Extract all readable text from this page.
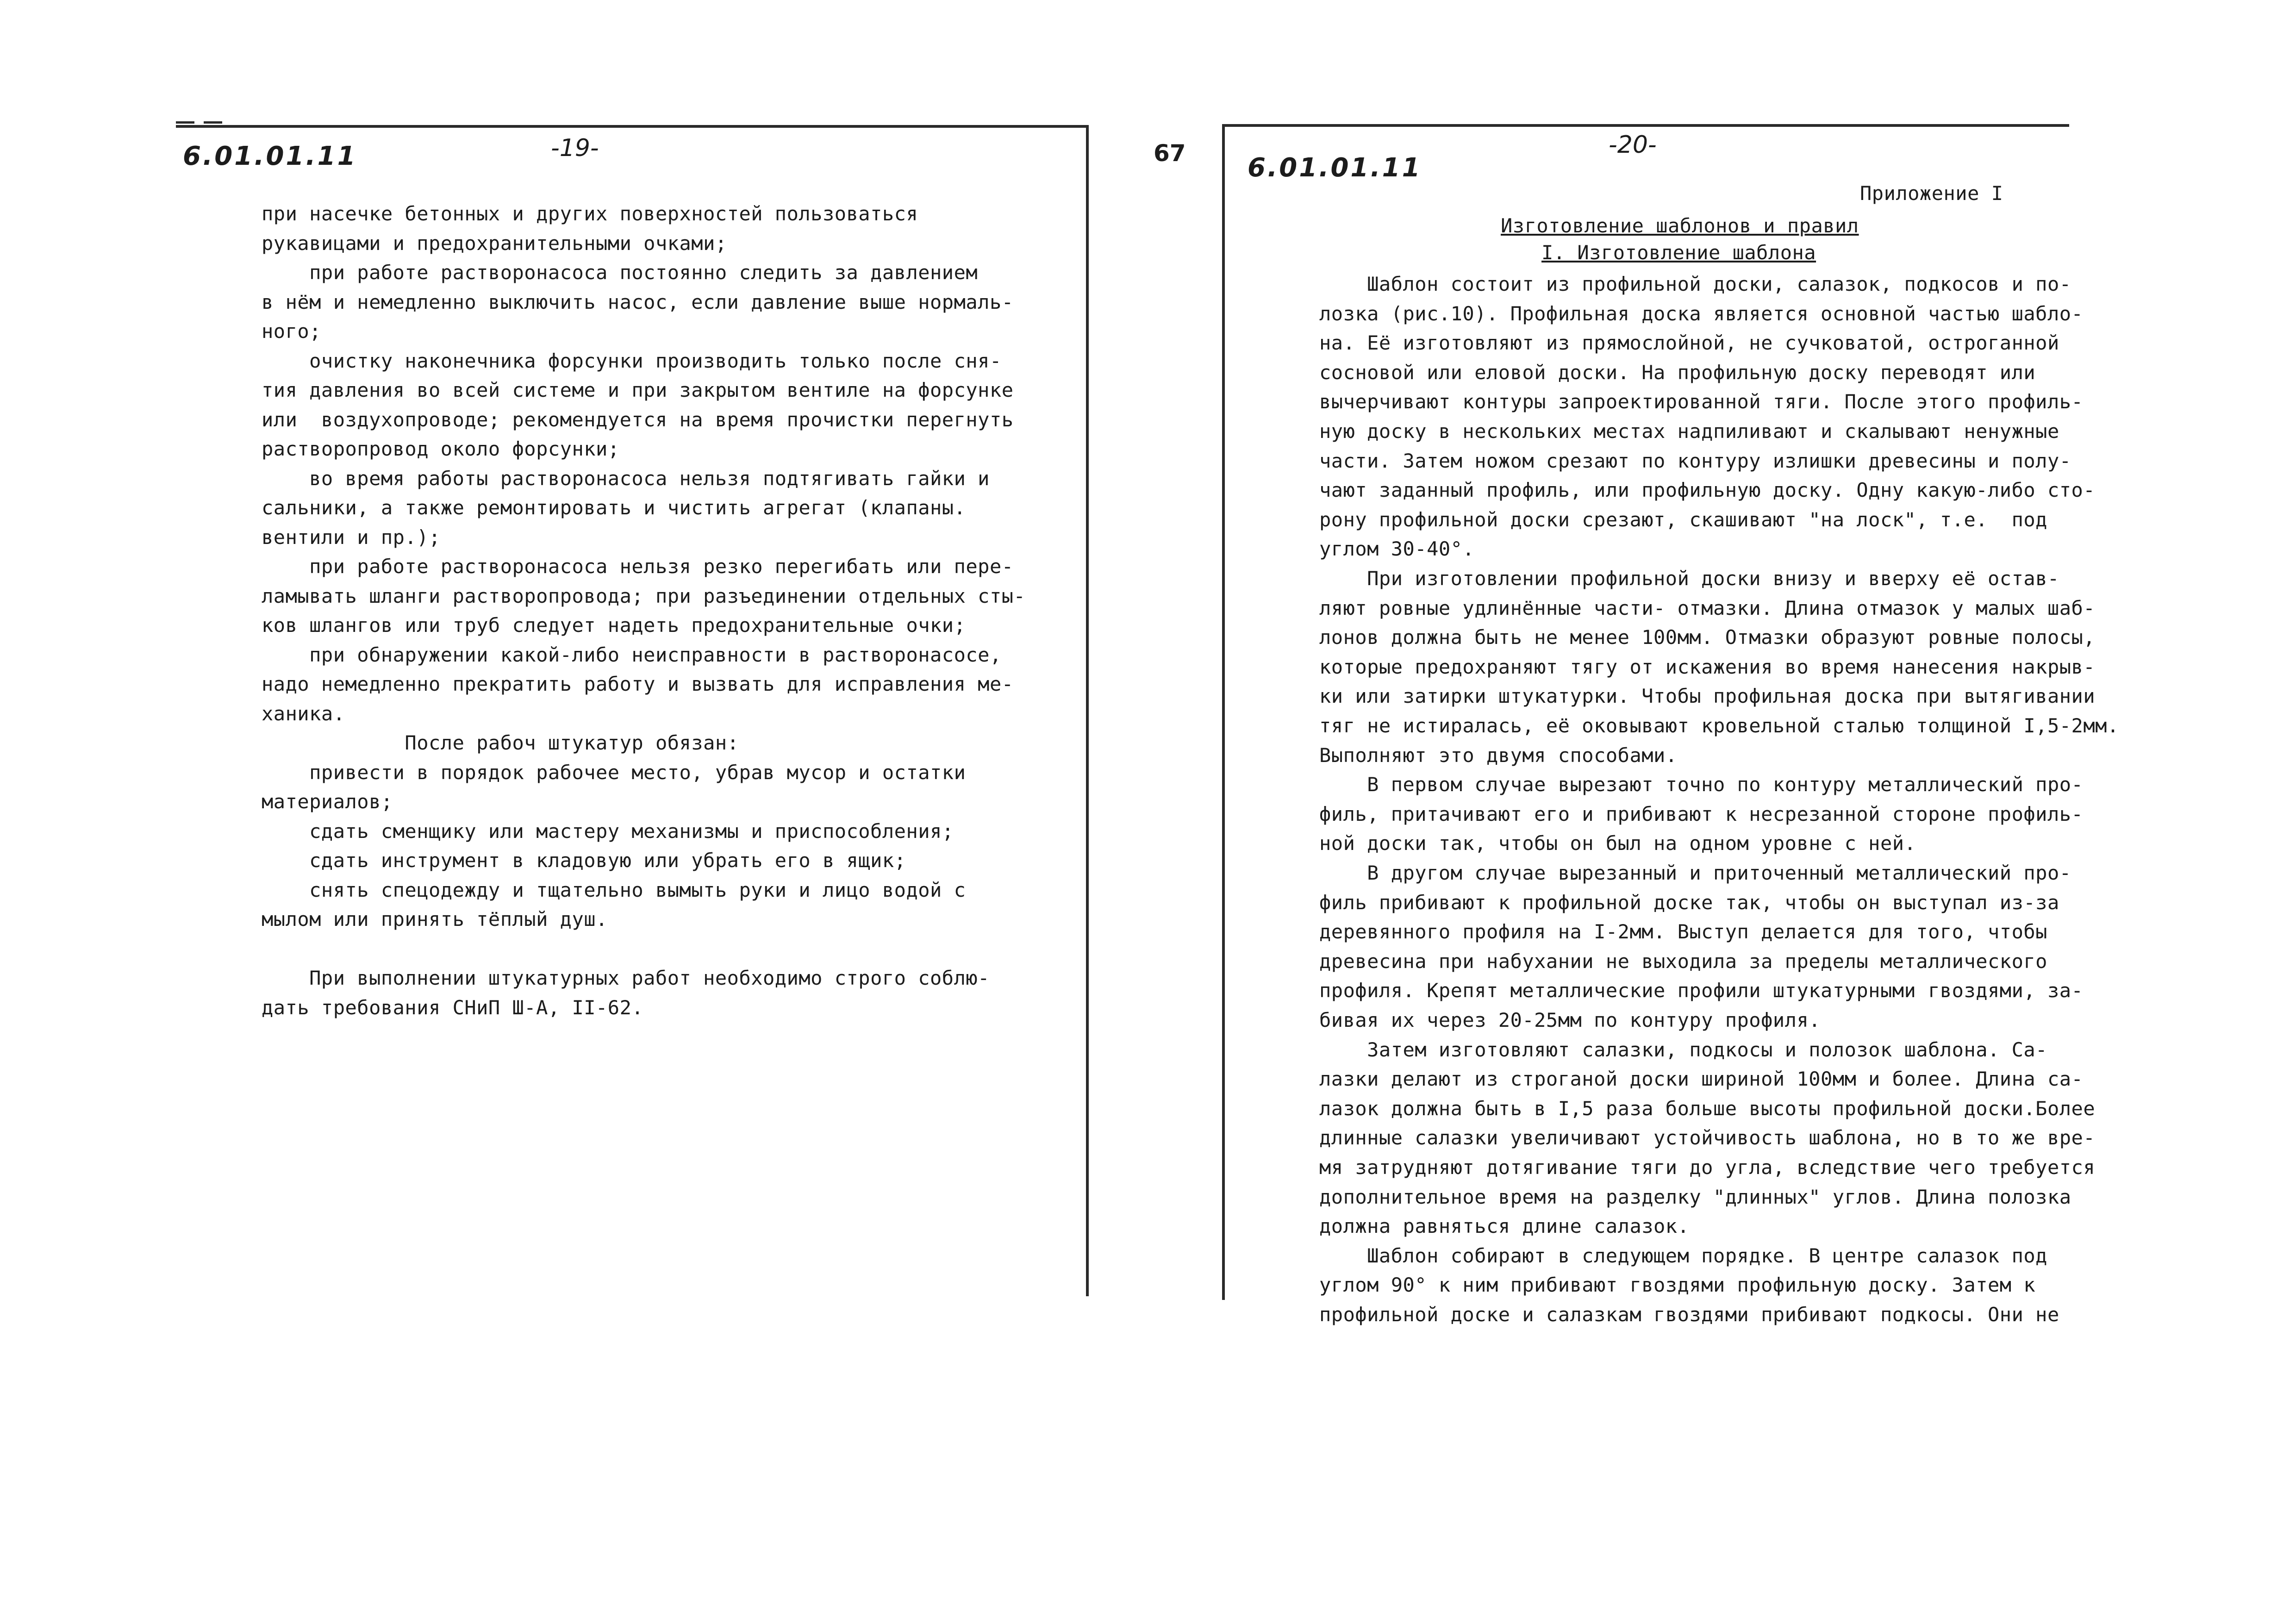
6.01.01.11	-19-
при насечке бетонных и других поверхностей пользоваться
рукавицами и предохранительными очками;
при работе растворонасоса постоянно следить за давлением
в нём и немедленно выключить насос, если давление выше нормаль-
ного;
очистку наконечника форсунки производить только после сня-
тия давления во всей системе и при закрытом вентиле на форсунке
или  воздухопроводе; рекомендуется на время прочистки перегнуть
растворопровод около форсунки;
во время работы растворонасоса нельзя подтягивать гайки и
сальники, а также ремонтировать и чистить агрегат (клапаны.
вентили и пр.);
при работе растворонасоса нельзя резко перегибать или пере-
ламывать шланги растворопровода; при разъединении отдельных сты-
ков шлангов или труб следует надеть предохранительные очки;
при обнаружении какой-либо неисправности в растворонасосе,
надо немедленно прекратить работу и вызвать для исправления ме-
ханика.
После рабоч штукатур обязан:
привести в порядок рабочее место, убрав мусор и остатки
материалов;
сдать сменщику или мастеру механизмы и приспособления;
сдать инструмент в кладовую или убрать его в ящик;
снять спецодежду и тщательно вымыть руки и лицо водой с
мылом или принять тёплый душ.
При выполнении штукатурных работ необходимо строго соблю-
дать требования СНиП Ш-А, II-62.
67 6.01.01.11
-20-
Приложение I
Изготовление шаблонов и правил
I. Изготовление шаблона
Шаблон состоит из профильной доски, салазок, подкосов и по-
лозка (рис.10). Профильная доска является основной частью шабло-
на. Её изготовляют из прямослойной, не сучковатой, остроганной
сосновой или еловой доски. На профильную доску переводят или
вычерчивают контуры запроектированной тяги. После этого профиль-
ную доску в нескольких местах надпиливают и скалывают ненужные
части. Затем ножом срезают по контуру излишки древесины и полу-
чают заданный профиль, или профильную доску. Одну какую-либо сто-
рону профильной доски срезают, скашивают "на лоск", т.е.  под
углом 30-40°.
При изготовлении профильной доски внизу и вверху её остав-
ляют ровные удлинённые части- отмазки. Длина отмазок у малых шаб-
лонов должна быть не менее 100мм. Отмазки образуют ровные полосы,
которые предохраняют тягу от искажения во время нанесения накрыв-
ки или затирки штукатурки. Чтобы профильная доска при вытягивании
тяг не истиралась, её оковывают кровельной сталью толщиной I,5-2мм.
Выполняют это двумя способами.
В первом случае вырезают точно по контуру металлический про-
филь, притачивают его и прибивают к несрезанной стороне профиль-
ной доски так, чтобы он был на одном уровне с ней.
В другом случае вырезанный и приточенный металлический про-
филь прибивают к профильной доске так, чтобы он выступал из-за
деревянного профиля на I-2мм. Выступ делается для того, чтобы
древесина при набухании не выходила за пределы металлического
профиля. Крепят металлические профили штукатурными гвоздями, за-
бивая их через 20-25мм по контуру профиля.
Затем изготовляют салазки, подкосы и полозок шаблона. Са-
лазки делают из строганой доски шириной 100мм и более. Длина са-
лазок должна быть в I,5 раза больше высоты профильной доски.Более
длинные салазки увеличивают устойчивость шаблона, но в то же вре-
мя затрудняют дотягивание тяги до угла, вследствие чего требуется
дополнительное время на разделку "длинных" углов. Длина полозка
должна равняться длине салазок.
Шаблон собирают в следующем порядке. В центре салазок под
углом 90° к ним прибивают гвоздями профильную доску. Затем к
профильной доске и салазкам гвоздями прибивают подкосы. Они не
